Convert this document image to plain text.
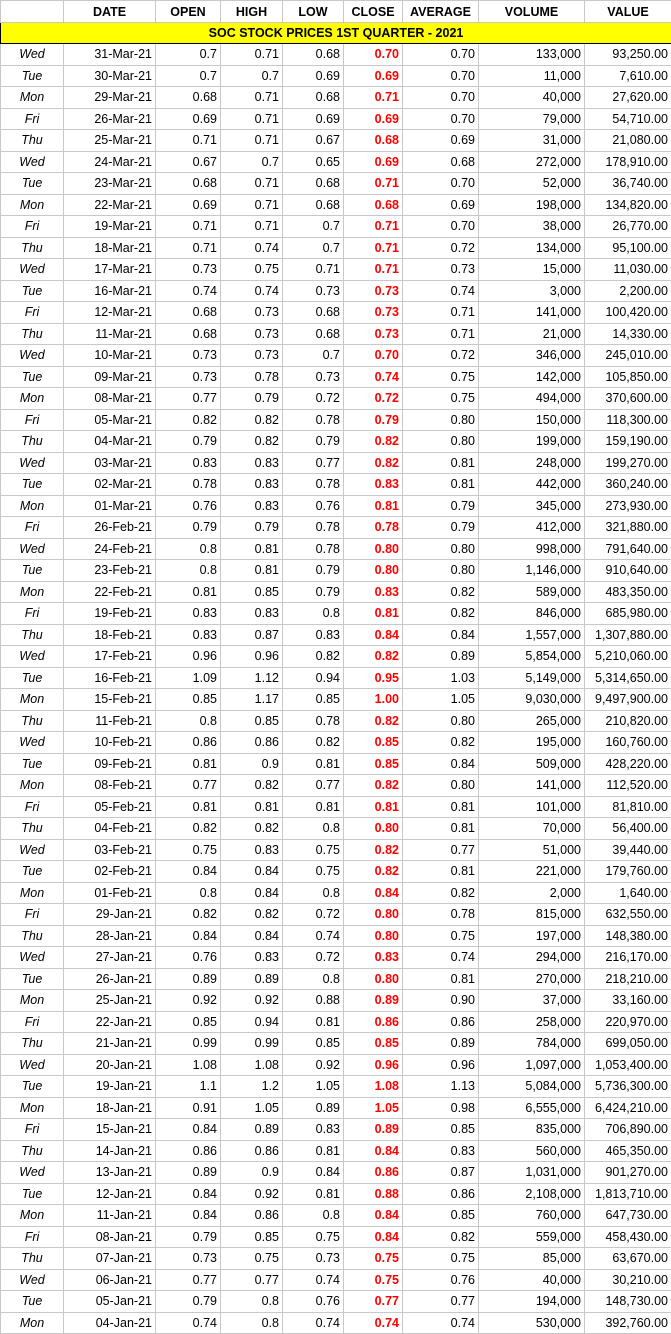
	DATE	OPEN	HIGH	LOW	CLOSE	AVERAGE	VOLUME	VALUE
SOC STOCK PRICES 1ST QUARTER - 2021								
Wed	31-Mar-21	0.7	0.71	0.68	0.70	0.70	133,000	93,250.00
Tue	30-Mar-21	0.7	0.7	0.69	0.69	0.70	11,000	7,610.00
Mon	29-Mar-21	0.68	0.71	0.68	0.71	0.70	40,000	27,620.00
Fri	26-Mar-21	0.69	0.71	0.69	0.69	0.70	79,000	54,710.00
Thu	25-Mar-21	0.71	0.71	0.67	0.68	0.69	31,000	21,080.00
Wed	24-Mar-21	0.67	0.7	0.65	0.69	0.68	272,000	178,910.00
Tue	23-Mar-21	0.68	0.71	0.68	0.71	0.70	52,000	36,740.00
Mon	22-Mar-21	0.69	0.71	0.68	0.68	0.69	198,000	134,820.00
Fri	19-Mar-21	0.71	0.71	0.7	0.71	0.70	38,000	26,770.00
Thu	18-Mar-21	0.71	0.74	0.7	0.71	0.72	134,000	95,100.00
Wed	17-Mar-21	0.73	0.75	0.71	0.71	0.73	15,000	11,030.00
Tue	16-Mar-21	0.74	0.74	0.73	0.73	0.74	3,000	2,200.00
Fri	12-Mar-21	0.68	0.73	0.68	0.73	0.71	141,000	100,420.00
Thu	11-Mar-21	0.68	0.73	0.68	0.73	0.71	21,000	14,330.00
Wed	10-Mar-21	0.73	0.73	0.7	0.70	0.72	346,000	245,010.00
Tue	09-Mar-21	0.73	0.78	0.73	0.74	0.75	142,000	105,850.00
Mon	08-Mar-21	0.77	0.79	0.72	0.72	0.75	494,000	370,600.00
Fri	05-Mar-21	0.82	0.82	0.78	0.79	0.80	150,000	118,300.00
Thu	04-Mar-21	0.79	0.82	0.79	0.82	0.80	199,000	159,190.00
Wed	03-Mar-21	0.83	0.83	0.77	0.82	0.81	248,000	199,270.00
Tue	02-Mar-21	0.78	0.83	0.78	0.83	0.81	442,000	360,240.00
Mon	01-Mar-21	0.76	0.83	0.76	0.81	0.79	345,000	273,930.00
Fri	26-Feb-21	0.79	0.79	0.78	0.78	0.79	412,000	321,880.00
Wed	24-Feb-21	0.8	0.81	0.78	0.80	0.80	998,000	791,640.00
Tue	23-Feb-21	0.8	0.81	0.79	0.80	0.80	1,146,000	910,640.00
Mon	22-Feb-21	0.81	0.85	0.79	0.83	0.82	589,000	483,350.00
Fri	19-Feb-21	0.83	0.83	0.8	0.81	0.82	846,000	685,980.00
Thu	18-Feb-21	0.83	0.87	0.83	0.84	0.84	1,557,000	1,307,880.00
Wed	17-Feb-21	0.96	0.96	0.82	0.82	0.89	5,854,000	5,210,060.00
Tue	16-Feb-21	1.09	1.12	0.94	0.95	1.03	5,149,000	5,314,650.00
Mon	15-Feb-21	0.85	1.17	0.85	1.00	1.05	9,030,000	9,497,900.00
Thu	11-Feb-21	0.8	0.85	0.78	0.82	0.80	265,000	210,820.00
Wed	10-Feb-21	0.86	0.86	0.82	0.85	0.82	195,000	160,760.00
Tue	09-Feb-21	0.81	0.9	0.81	0.85	0.84	509,000	428,220.00
Mon	08-Feb-21	0.77	0.82	0.77	0.82	0.80	141,000	112,520.00
Fri	05-Feb-21	0.81	0.81	0.81	0.81	0.81	101,000	81,810.00
Thu	04-Feb-21	0.82	0.82	0.8	0.80	0.81	70,000	56,400.00
Wed	03-Feb-21	0.75	0.83	0.75	0.82	0.77	51,000	39,440.00
Tue	02-Feb-21	0.84	0.84	0.75	0.82	0.81	221,000	179,760.00
Mon	01-Feb-21	0.8	0.84	0.8	0.84	0.82	2,000	1,640.00
Fri	29-Jan-21	0.82	0.82	0.72	0.80	0.78	815,000	632,550.00
Thu	28-Jan-21	0.84	0.84	0.74	0.80	0.75	197,000	148,380.00
Wed	27-Jan-21	0.76	0.83	0.72	0.83	0.74	294,000	216,170.00
Tue	26-Jan-21	0.89	0.89	0.8	0.80	0.81	270,000	218,210.00
Mon	25-Jan-21	0.92	0.92	0.88	0.89	0.90	37,000	33,160.00
Fri	22-Jan-21	0.85	0.94	0.81	0.86	0.86	258,000	220,970.00
Thu	21-Jan-21	0.99	0.99	0.85	0.85	0.89	784,000	699,050.00
Wed	20-Jan-21	1.08	1.08	0.92	0.96	0.96	1,097,000	1,053,400.00
Tue	19-Jan-21	1.1	1.2	1.05	1.08	1.13	5,084,000	5,736,300.00
Mon	18-Jan-21	0.91	1.05	0.89	1.05	0.98	6,555,000	6,424,210.00
Fri	15-Jan-21	0.84	0.89	0.83	0.89	0.85	835,000	706,890.00
Thu	14-Jan-21	0.86	0.86	0.81	0.84	0.83	560,000	465,350.00
Wed	13-Jan-21	0.89	0.9	0.84	0.86	0.87	1,031,000	901,270.00
Tue	12-Jan-21	0.84	0.92	0.81	0.88	0.86	2,108,000	1,813,710.00
Mon	11-Jan-21	0.84	0.86	0.8	0.84	0.85	760,000	647,730.00
Fri	08-Jan-21	0.79	0.85	0.75	0.84	0.82	559,000	458,430.00
Thu	07-Jan-21	0.73	0.75	0.73	0.75	0.75	85,000	63,670.00
Wed	06-Jan-21	0.77	0.77	0.74	0.75	0.76	40,000	30,210.00
Tue	05-Jan-21	0.79	0.8	0.76	0.77	0.77	194,000	148,730.00
Mon	04-Jan-21	0.74	0.8	0.74	0.74	0.74	530,000	392,760.00
